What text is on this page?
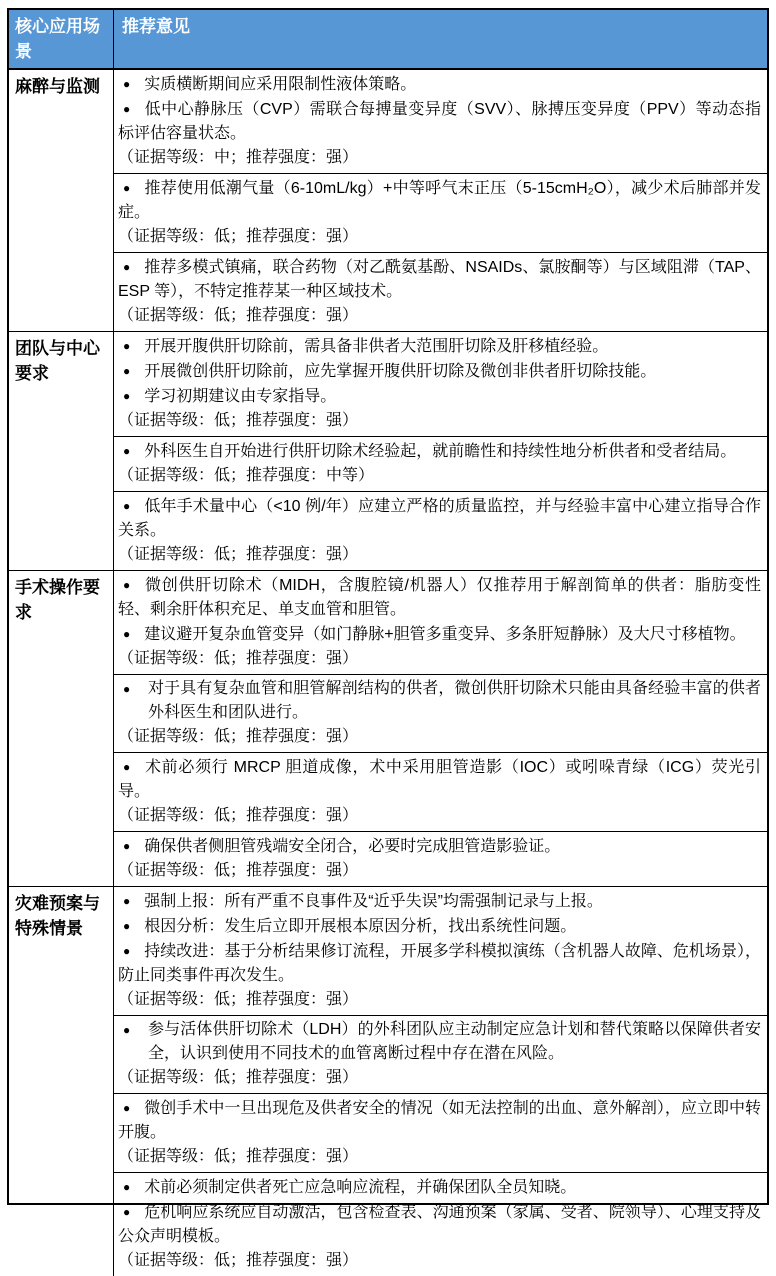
核心应用场景
推荐意见
麻醉与监测	● 实质横断期间应采用限制性液体策略。
● 低中心静脉压（CVP）需联合每搏量变异度（SVV）、脉搏压变异度（PPV）等动态指标评估容量状态。
（证据等级：中；推荐强度：强）
● 推荐使用低潮气量（6-10mL/kg）+中等呼气末正压（5-15cmH₂O），减少术后肺部并发症。
（证据等级：低；推荐强度：强）
● 推荐多模式镇痛，联合药物（对乙酰氨基酚、NSAIDs、氯胺酮等）与区域阻滞（TAP、ESP 等），不特定推荐某一种区域技术。
（证据等级：低；推荐强度：强）
团队与中心要求
● 开展开腹供肝切除前，需具备非供者大范围肝切除及肝移植经验。
● 开展微创供肝切除前，应先掌握开腹供肝切除及微创非供者肝切除技能。
● 学习初期建议由专家指导。
（证据等级：低；推荐强度：强）
● 外科医生自开始进行供肝切除术经验起，就前瞻性和持续性地分析供者和受者结局。
（证据等级：低；推荐强度：中等）
● 低年手术量中心（<10 例/年）应建立严格的质量监控，并与经验丰富中心建立指导合作关系。
（证据等级：低；推荐强度：强）
手术操作要求
● 微创供肝切除术（MIDH，含腹腔镜/机器人）仅推荐用于解剖简单的供者：脂肪变性轻、剩余肝体积充足、单支血管和胆管。
● 建议避开复杂血管变异（如门静脉+胆管多重变异、多条肝短静脉）及大尺寸移植物。
（证据等级：低；推荐强度：强）
● 对于具有复杂血管和胆管解剖结构的供者，微创供肝切除术只能由具备经验丰富的供者外科医生和团队进行。
（证据等级：低；推荐强度：强）
● 术前必须行 MRCP 胆道成像，术中采用胆管造影（IOC）或吲哚青绿（ICG）荧光引导。
（证据等级：低；推荐强度：强）
● 确保供者侧胆管残端安全闭合，必要时完成胆管造影验证。
（证据等级：低；推荐强度：强）
灾难预案与特殊情景
● 强制上报：所有严重不良事件及“近乎失误”均需强制记录与上报。
● 根因分析：发生后立即开展根本原因分析，找出系统性问题。
● 持续改进：基于分析结果修订流程，开展多学科模拟演练（含机器人故障、危机场景），防止同类事件再次发生。
（证据等级：低；推荐强度：强）
● 参与活体供肝切除术（LDH）的外科团队应主动制定应急计划和替代策略以保障供者安全，认识到使用不同技术的血管离断过程中存在潜在风险。
（证据等级：低；推荐强度：强）
● 微创手术中一旦出现危及供者安全的情况（如无法控制的出血、意外解剖），应立即中转开腹。
（证据等级：低；推荐强度：强）
● 术前必须制定供者死亡应急响应流程，并确保团队全员知晓。
● 危机响应系统应自动激活，包含检查表、沟通预案（家属、受者、院领导）、心理支持及公众声明模板。
（证据等级：低；推荐强度：强）
